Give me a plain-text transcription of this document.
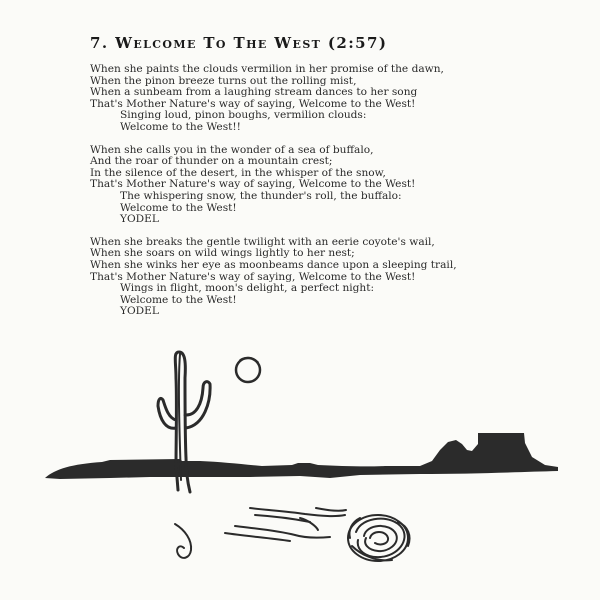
7. Welcome To The West (2:57)
When she paints the clouds vermilion in her promise of the dawn,
When the pinon breeze turns out the rolling mist,
When a sunbeam from a laughing stream dances to her song
That's Mother Nature's way of saying, Welcome to the West!
Singing loud, pinon boughs, vermilion clouds:
Welcome to the West!!
When she calls you in the wonder of a sea of buffalo,
And the roar of thunder on a mountain crest;
In the silence of the desert, in the whisper of the snow,
That's Mother Nature's way of saying, Welcome to the West!
The whispering snow, the thunder's roll, the buffalo:
Welcome to the West!
YODEL
When she breaks the gentle twilight with an eerie coyote's wail,
When she soars on wild wings lightly to her nest;
When she winks her eye as moonbeams dance upon a sleeping trail,
That's Mother Nature's way of saying, Welcome to the West!
Wings in flight, moon's delight, a perfect night:
Welcome to the West!
YODEL
